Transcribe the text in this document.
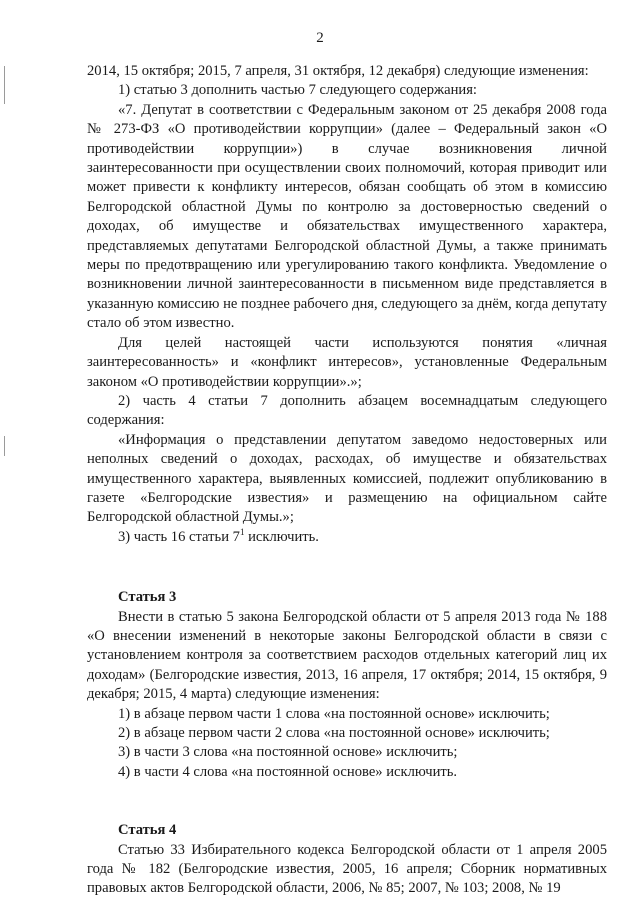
2

2014, 15 октября; 2015, 7 апреля, 31 октября, 12 декабря) следующие изменения:

1) статью 3 дополнить частью 7 следующего содержания:

«7. Депутат в соответствии с Федеральным законом от 25 декабря 2008 года № 273-ФЗ «О противодействии коррупции» (далее – Федеральный закон «О противодействии коррупции») в случае возникновения личной заинтересованности при осуществлении своих полномочий, которая приводит или может привести к конфликту интересов, обязан сообщать об этом в комиссию Белгородской областной Думы по контролю за достоверностью сведений о доходах, об имуществе и обязательствах имущественного характера, представляемых депутатами Белгородской областной Думы, а также принимать меры по предотвращению или урегулированию такого конфликта. Уведомление о возникновении личной заинтересованности в письменном виде представляется в указанную комиссию не позднее рабочего дня, следующего за днём, когда депутату стало об этом известно.

Для целей настоящей части используются понятия «личная заинтересованность» и «конфликт интересов», установленные Федеральным законом «О противодействии коррупции».»;

2) часть 4 статьи 7 дополнить абзацем восемнадцатым следующего содержания:

«Информация о представлении депутатом заведомо недостоверных или неполных сведений о доходах, расходах, об имуществе и обязательствах имущественного характера, выявленных комиссией, подлежит опубликованию в газете «Белгородские известия» и размещению на официальном сайте Белгородской областной Думы.»;

3) часть 16 статьи $7^1$ исключить.

Статья 3

Внести в статью 5 закона Белгородской области от 5 апреля 2013 года № 188 «О внесении изменений в некоторые законы Белгородской области в связи с установлением контроля за соответствием расходов отдельных категорий лиц их доходам» (Белгородские известия, 2013, 16 апреля, 17 октября; 2014, 15 октября, 9 декабря; 2015, 4 марта) следующие изменения:

1) в абзаце первом части 1 слова «на постоянной основе» исключить;

2) в абзаце первом части 2 слова «на постоянной основе» исключить;

3) в части 3 слова «на постоянной основе» исключить;

4) в части 4 слова «на постоянной основе» исключить.

Статья 4

Статью 33 Избирательного кодекса Белгородской области от 1 апреля 2005 года № 182 (Белгородские известия, 2005, 16 апреля; Сборник нормативных правовых актов Белгородской области, 2006, № 85; 2007, № 103; 2008, № 19
